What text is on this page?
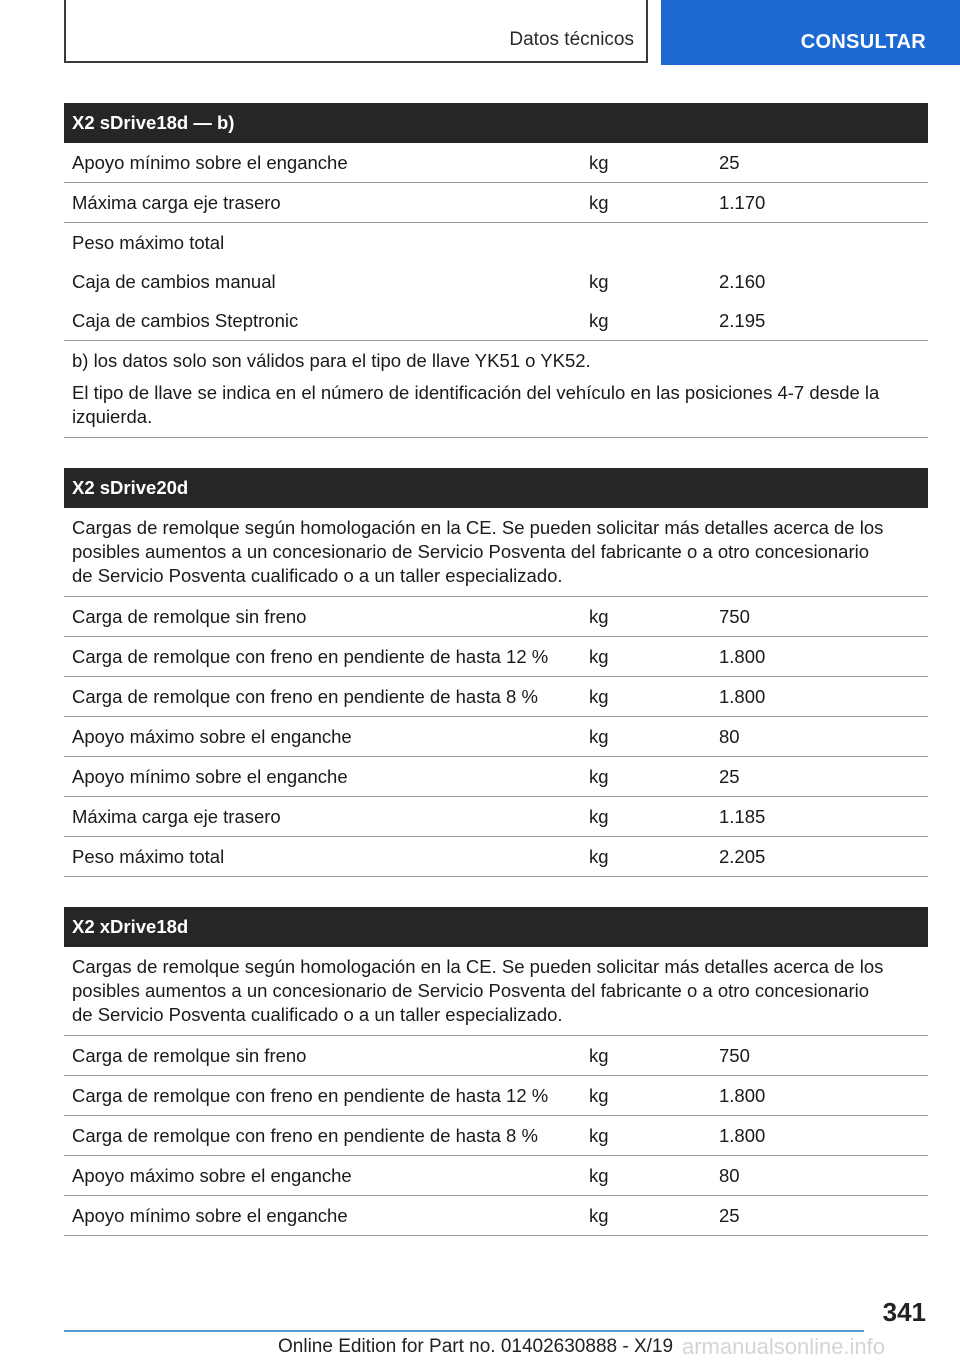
Datos técnicos	CONSULTAR
X2 sDrive18d — b)
Apoyo mínimo sobre el enganche	kg	25
Máxima carga eje trasero	kg	1.170
Peso máximo total
Caja de cambios manual	kg	2.160
Caja de cambios Steptronic	kg	2.195

b) los datos solo son válidos para el tipo de llave YK51 o YK52.

El tipo de llave se indica en el número de identificación del vehículo en las posiciones 4-7 desde la izquierda.

X2 sDrive20d
Cargas de remolque según homologación en la CE. Se pueden solicitar más detalles acerca de los posibles aumentos a un concesionario de Servicio Posventa del fabricante o a otro concesionario de Servicio Posventa cualificado o a un taller especializado.
Carga de remolque sin freno	kg	750
Carga de remolque con freno en pendiente de hasta 12 %	kg	1.800
Carga de remolque con freno en pendiente de hasta 8 %	kg	1.800
Apoyo máximo sobre el enganche	kg	80
Apoyo mínimo sobre el enganche	kg	25
Máxima carga eje trasero	kg	1.185
Peso máximo total	kg	2.205
X2 xDrive18d
Cargas de remolque según homologación en la CE. Se pueden solicitar más detalles acerca de los posibles aumentos a un concesionario de Servicio Posventa del fabricante o a otro concesionario de Servicio Posventa cualificado o a un taller especializado.
Carga de remolque sin freno	kg	750
Carga de remolque con freno en pendiente de hasta 12 %	kg	1.800
Carga de remolque con freno en pendiente de hasta 8 %	kg	1.800
Apoyo máximo sobre el enganche	kg	80
Apoyo mínimo sobre el enganche	kg	25
341
Online Edition for Part no. 01402630888 - X/19 armanualsonline.info
